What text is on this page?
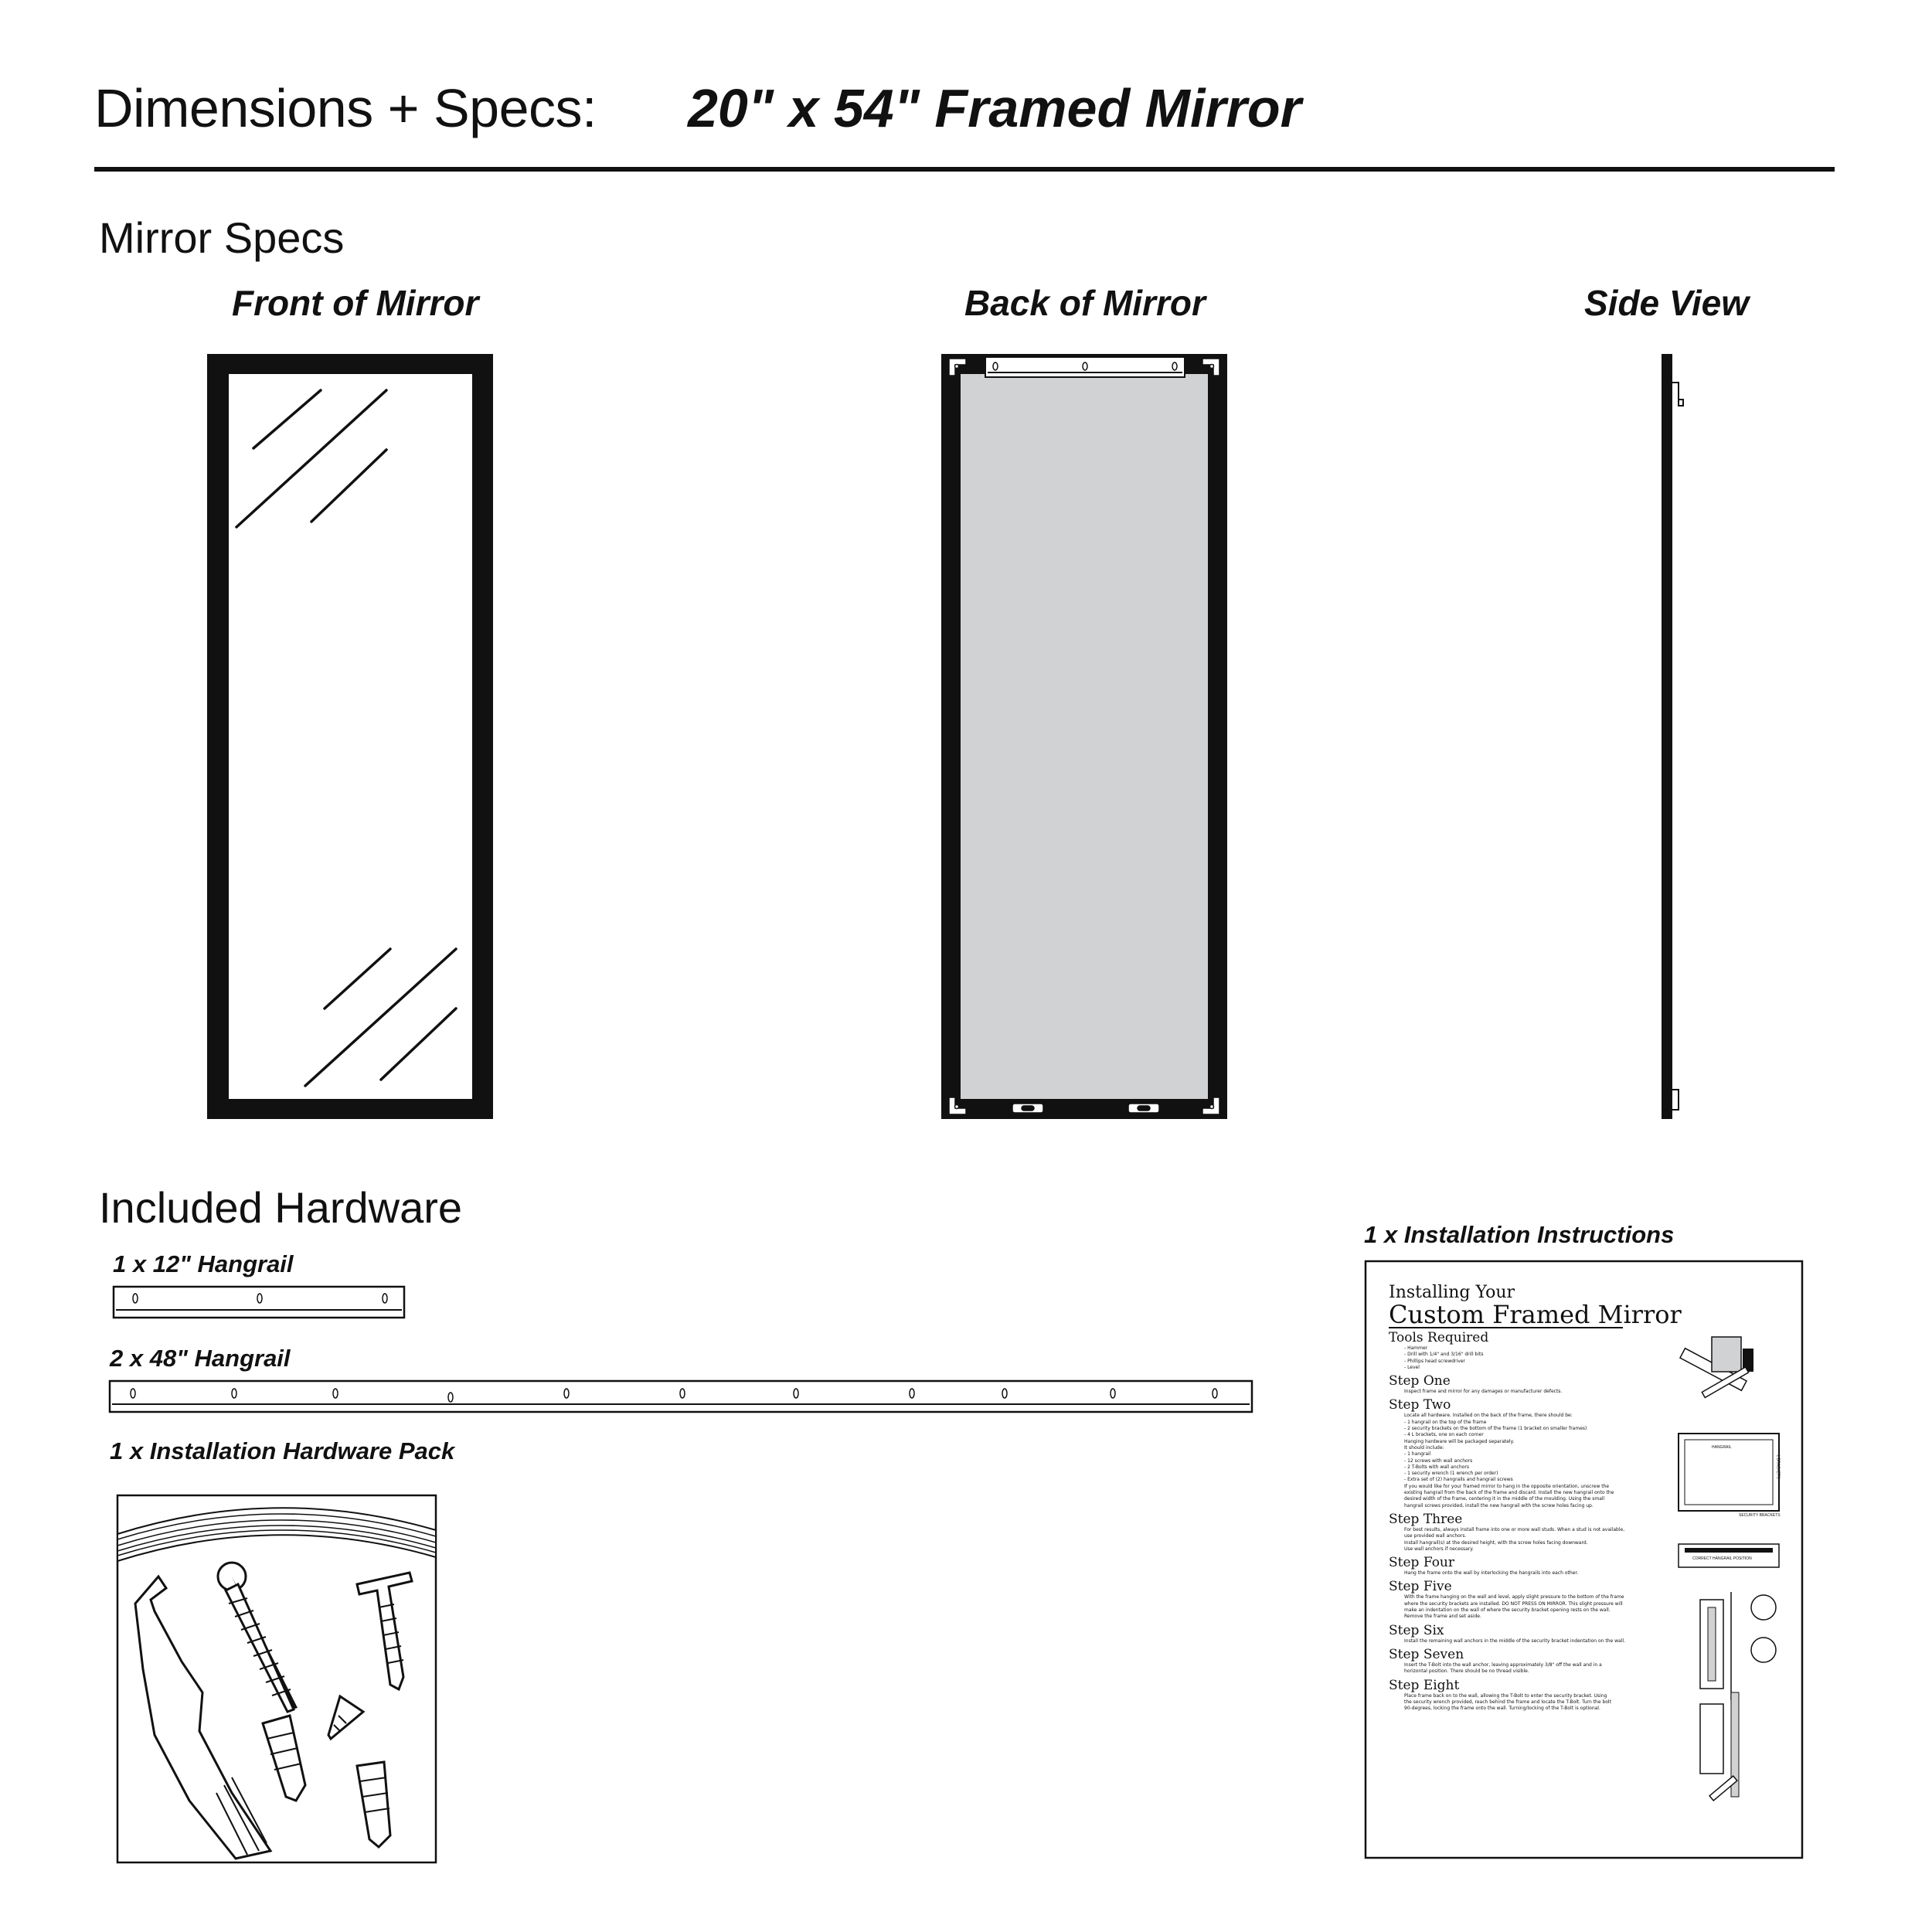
Dimensions + Specs: 20" x 54" Framed Mirror
Mirror Specs
Front of Mirror	Back of Mirror	Side View
Included Hardware
1 x 12" Hangrail
2 x 48" Hangrail
1 x Installation Hardware Pack
1 x Installation Instructions
Installing Your
Custom Framed Mirror
Tools Required
- Hammer
- Drill with 1/4" and 3/16" drill bits
- Phillips head screwdriver
- Level
Step One
Inspect frame and mirror for any damages or manufacturer defects.
Step Two
Locate all hardware. Installed on the back of the frame, there should be:
- 1 hangrail on the top of the frame
- 2 security brackets on the bottom of the frame (1 bracket on smaller frames)
- 4 L brackets, one on each corner
Hanging hardware will be packaged separately.
It should include:
- 1 hangrail
- 12 screws with wall anchors
- 2 T-Bolts with wall anchors
- 1 security wrench (1 wrench per order)
- Extra set of (2) hangrails and hangrail screws
If you would like for your framed mirror to hang in the opposite orientation, unscrew the
existing hangrail from the back of the frame and discard. Install the new hangrail onto the
desired width of the frame, centering it in the middle of the moulding. Using the small
hangrail screws provided, install the new hangrail with the screw holes facing up.
Step Three
For best results, always install frame into one or more wall studs. When a stud is not available,
use provided wall anchors.
Install hangrail(s) at the desired height, with the screw holes facing downward.
Use wall anchors if necessary.
Step Four
Hang the frame onto the wall by interlocking the hangrails into each other.
Step Five
With the frame hanging on the wall and level, apply slight pressure to the bottom of the frame
where the security brackets are installed. DO NOT PRESS ON MIRROR. This slight pressure will
make an indentation on the wall of where the security bracket opening rests on the wall.
Remove the frame and set aside.
Step Six
Install the remaining wall anchors in the middle of the security bracket indentation on the wall.
Step Seven
Insert the T-Bolt into the wall anchor, leaving approximately 3/8" off the wall and in a
horizontal position. There should be no thread visible.
Step Eight
Place frame back on to the wall, allowing the T-Bolt to enter the security bracket. Using
the security wrench provided, reach behind the frame and locate the T-Bolt. Turn the bolt
90-degrees, locking the frame onto the wall. Turning/locking of the T-Bolt is optional.
HANGRAIL
SECURITY BRACKETS
L BRACKETS
CORRECT HANGRAIL POSITION
